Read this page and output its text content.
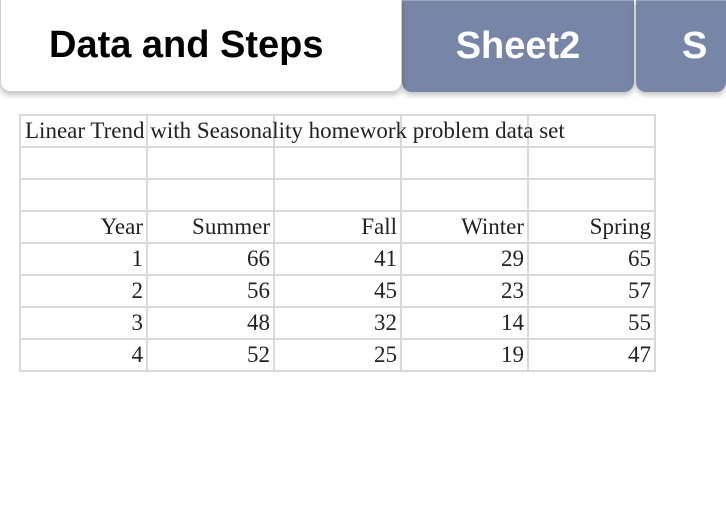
Data and Steps	Sheet2	S
Linear Trend with Seasonality homework problem data set				

Year	Summer	Fall	Winter	Spring
1	66	41	29	65
2	56	45	23	57
3	48	32	14	55
4	52	25	19	47
